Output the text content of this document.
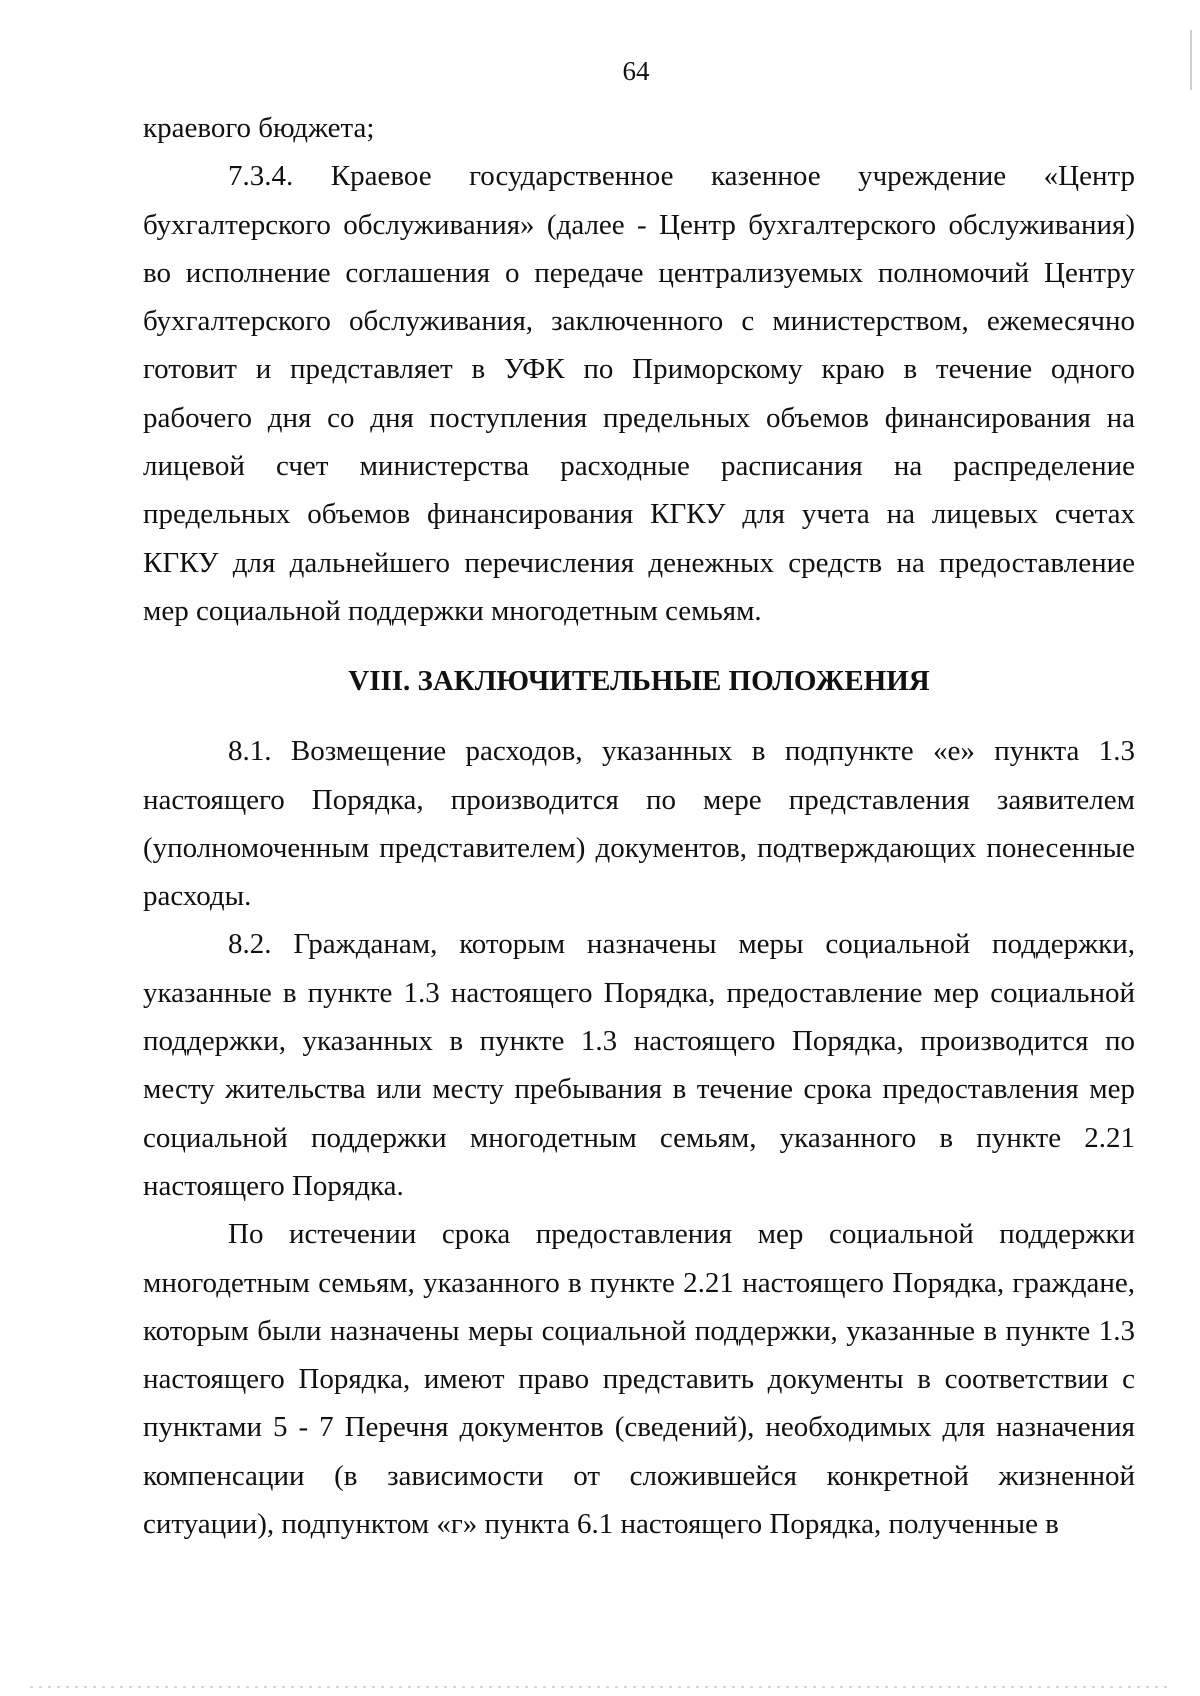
64

краевого бюджета;

7.3.4. Краевое государственное казенное учреждение «Центр бухгалтерского обслуживания» (далее - Центр бухгалтерского обслуживания) во исполнение соглашения о передаче централизуемых полномочий Центру бухгалтерского обслуживания, заключенного с министерством, ежемесячно готовит и представляет в УФК по Приморскому краю в течение одного рабочего дня со дня поступления предельных объемов финансирования на лицевой счет министерства расходные расписания на распределение предельных объемов финансирования КГКУ для учета на лицевых счетах КГКУ для дальнейшего перечисления денежных средств на предоставление мер социальной поддержки многодетным семьям.

VIII. ЗАКЛЮЧИТЕЛЬНЫЕ ПОЛОЖЕНИЯ

8.1. Возмещение расходов, указанных в подпункте «е» пункта 1.3 настоящего Порядка, производится по мере представления заявителем (уполномоченным представителем) документов, подтверждающих понесенные расходы.

8.2. Гражданам, которым назначены меры социальной поддержки, указанные в пункте 1.3 настоящего Порядка, предоставление мер социальной поддержки, указанных в пункте 1.3 настоящего Порядка, производится по месту жительства или месту пребывания в течение срока предоставления мер социальной поддержки многодетным семьям, указанного в пункте 2.21 настоящего Порядка.

По истечении срока предоставления мер социальной поддержки многодетным семьям, указанного в пункте 2.21 настоящего Порядка, граждане, которым были назначены меры социальной поддержки, указанные в пункте 1.3 настоящего Порядка, имеют право представить документы в соответствии с пунктами 5 - 7 Перечня документов (сведений), необходимых для назначения компенсации (в зависимости от сложившейся конкретной жизненной ситуации), подпунктом «г» пункта 6.1 настоящего Порядка, полученные в
